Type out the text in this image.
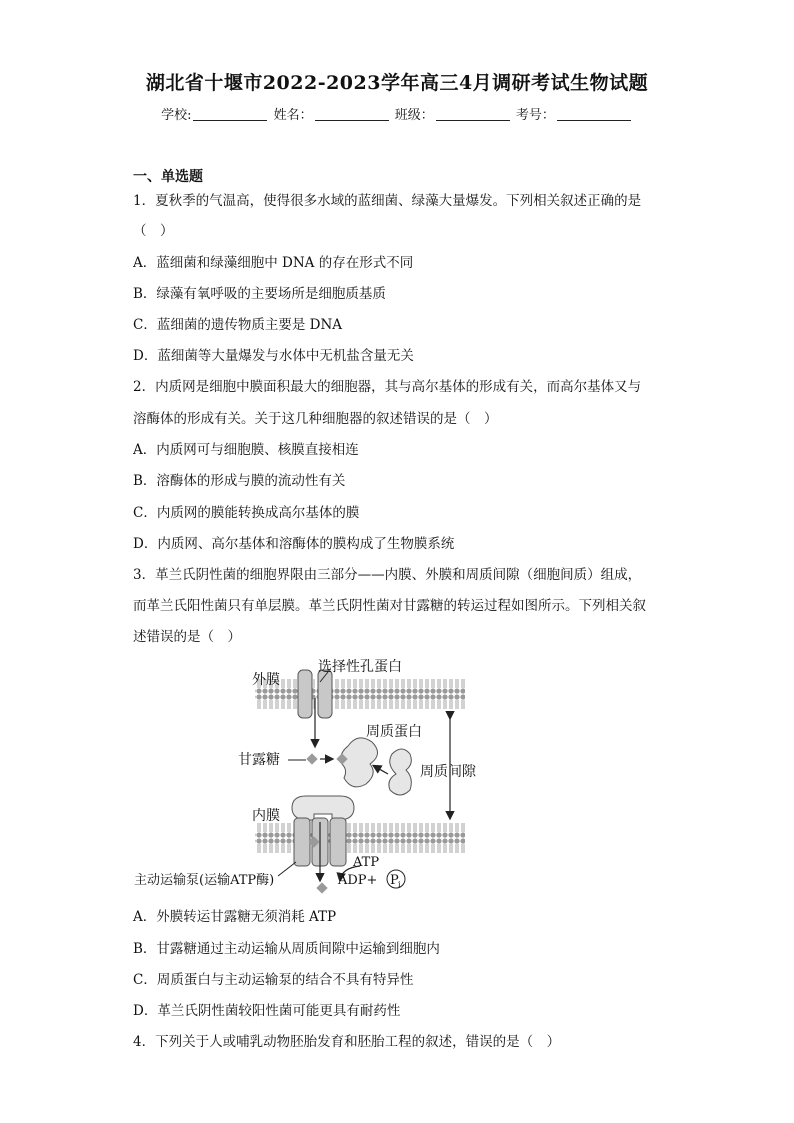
湖北省十堰市2022-2023学年高三4月调研考试生物试题
学校:	姓名：	班级：	考号：
一、单选题
1．夏秋季的气温高，使得很多水域的蓝细菌、绿藻大量爆发。下列相关叙述正确的是
（　）
A．蓝细菌和绿藻细胞中 DNA 的存在形式不同
B．绿藻有氧呼吸的主要场所是细胞质基质
C．蓝细菌的遗传物质主要是 DNA
D．蓝细菌等大量爆发与水体中无机盐含量无关
2．内质网是细胞中膜面积最大的细胞器，其与高尔基体的形成有关，而高尔基体又与
溶酶体的形成有关。关于这几种细胞器的叙述错误的是（　）
A．内质网可与细胞膜、核膜直接相连
B．溶酶体的形成与膜的流动性有关
C．内质网的膜能转换成高尔基体的膜
D．内质网、高尔基体和溶酶体的膜构成了生物膜系统
3．革兰氏阴性菌的细胞界限由三部分——内膜、外膜和周质间隙（细胞间质）组成，
而革兰氏阳性菌只有单层膜。革兰氏阴性菌对甘露糖的转运过程如图所示。下列相关叙
述错误的是（　）
外膜
选择性孔蛋白
周质蛋白
甘露糖
周质间隙
内膜
ATP
ADP+ P i
主动运输泵(运输ATP酶)
A．外膜转运甘露糖无须消耗 ATP
B．甘露糖通过主动运输从周质间隙中运输到细胞内
C．周质蛋白与主动运输泵的结合不具有特异性
D．革兰氏阴性菌较阳性菌可能更具有耐药性
4．下列关于人或哺乳动物胚胎发育和胚胎工程的叙述，错误的是（　）
